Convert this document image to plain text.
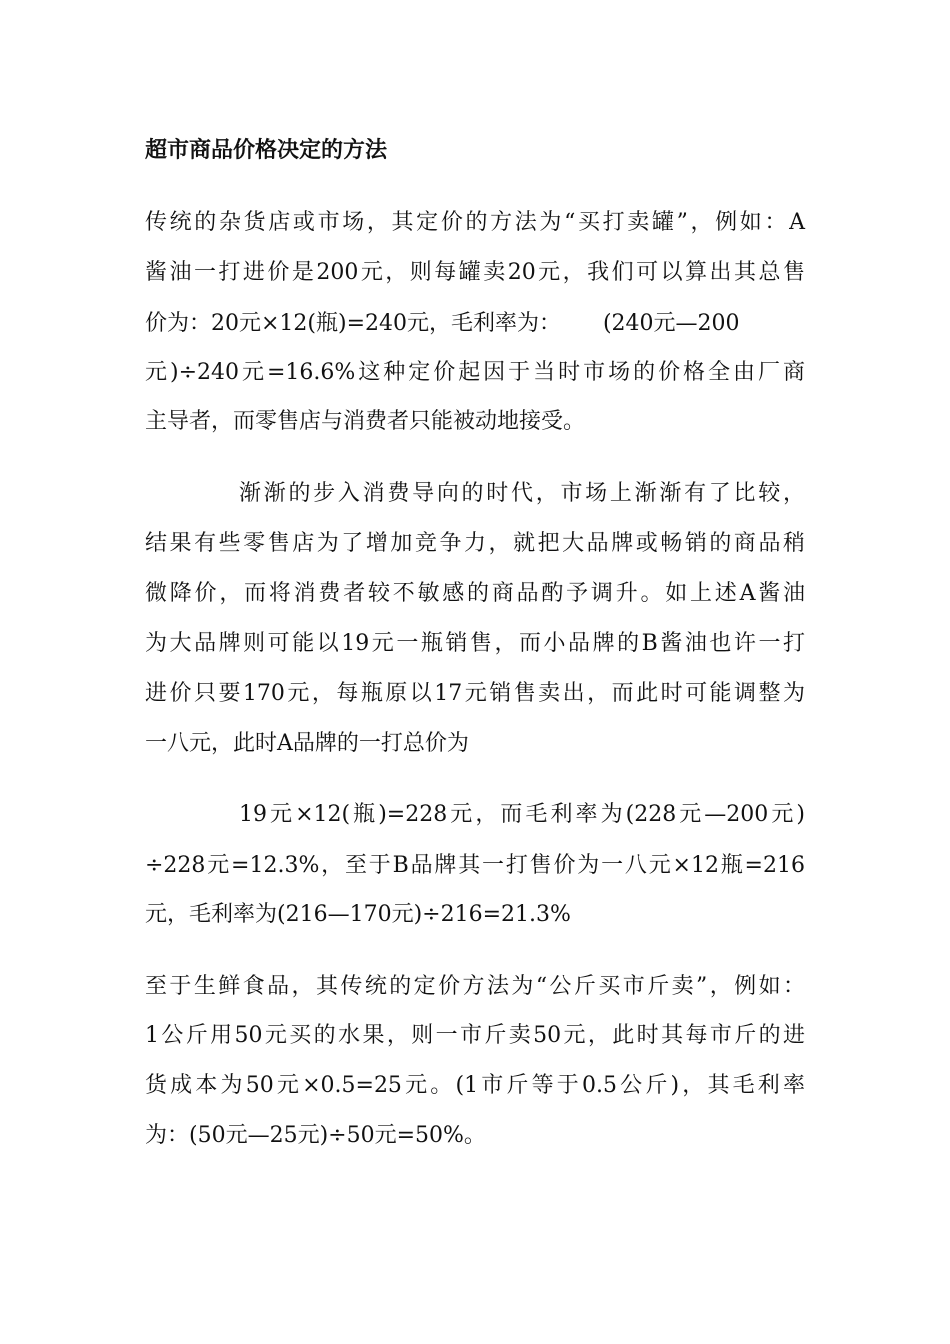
超市商品价格决定的方法
传统的杂货店或市场，其定价的方法为“买打卖罐”，例如：A
酱油一打进价是200元，则每罐卖20元，我们可以算出其总售
价为：20元×12(瓶)=240元，毛利率为：      (240元—200
元)÷240元=16.6%这种定价起因于当时市场的价格全由厂商
主导者，而零售店与消费者只能被动地接受。
渐渐的步入消费导向的时代，市场上渐渐有了比较，
结果有些零售店为了增加竞争力，就把大品牌或畅销的商品稍
微降价，而将消费者较不敏感的商品酌予调升。如上述A酱油
为大品牌则可能以19元一瓶销售，而小品牌的B酱油也许一打
进价只要170元，每瓶原以17元销售卖出，而此时可能调整为
一八元，此时A品牌的一打总价为
19元×12(瓶)=228元，而毛利率为(228元—200元)
÷228元=12.3%，至于B品牌其一打售价为一八元×12瓶=216
元，毛利率为(216—170元)÷216=21.3%
至于生鲜食品，其传统的定价方法为“公斤买市斤卖”，例如：
1公斤用50元买的水果，则一市斤卖50元，此时其每市斤的进
货成本为50元×0.5=25元。(1市斤等于0.5公斤)，其毛利率
为：(50元—25元)÷50元=50%。
